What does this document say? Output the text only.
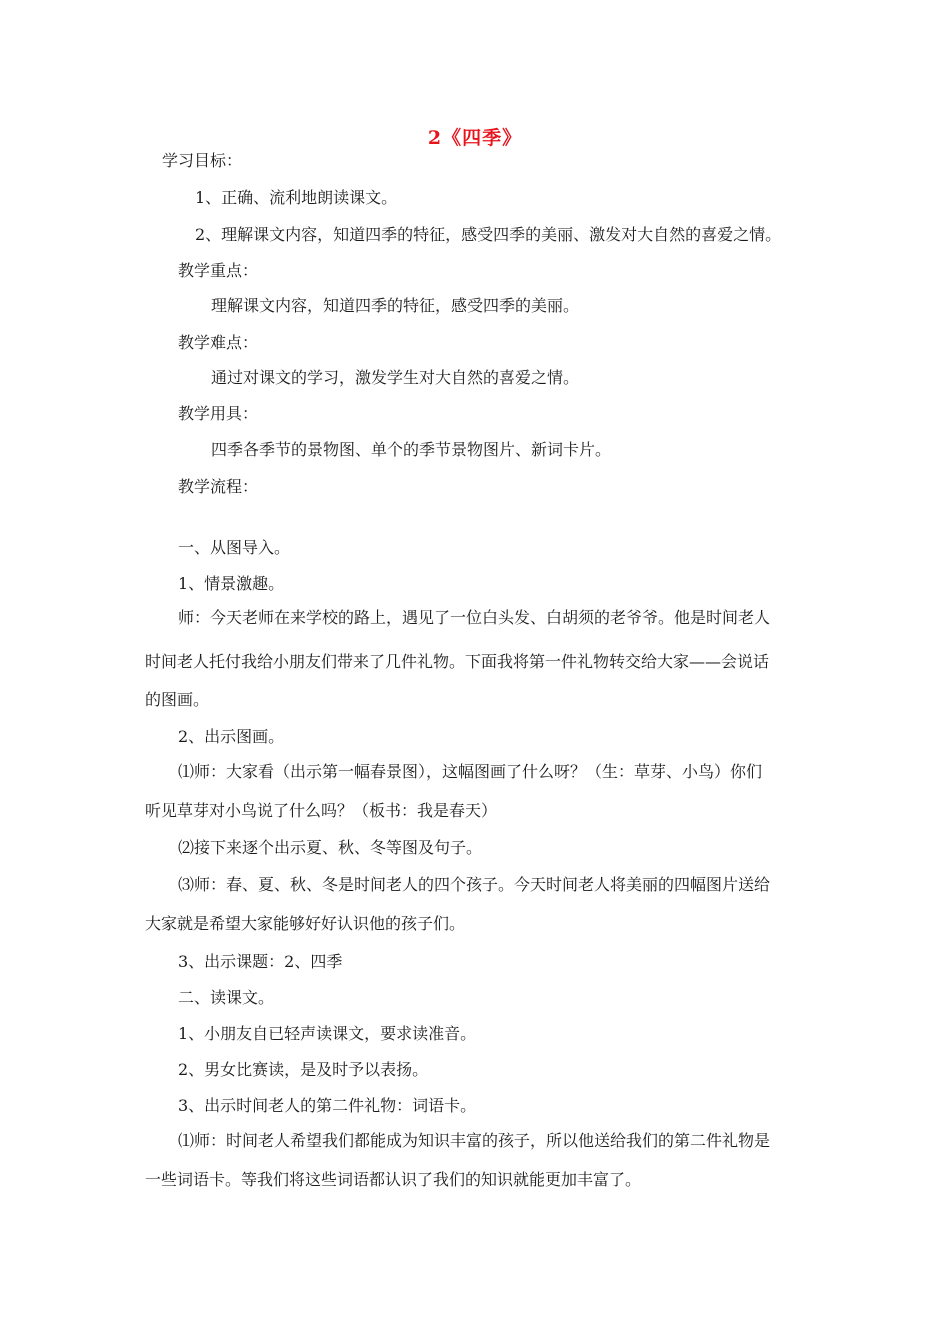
2《四季》
学习目标：
1、正确、流利地朗读课文。
2、理解课文内容，知道四季的特征，感受四季的美丽、激发对大自然的喜爱之情。
教学重点：
理解课文内容，知道四季的特征，感受四季的美丽。
教学难点：
通过对课文的学习，激发学生对大自然的喜爱之情。
教学用具：
四季各季节的景物图、单个的季节景物图片、新词卡片。
教学流程：
一、从图导入。
1、情景激趣。
师：今天老师在来学校的路上，遇见了一位白头发、白胡须的老爷爷。他是时间老人
时间老人托付我给小朋友们带来了几件礼物。下面我将第一件礼物转交给大家——会说话
的图画。
2、出示图画。
⑴师：大家看（出示第一幅春景图），这幅图画了什么呀？（生：草芽、小鸟）你们
听见草芽对小鸟说了什么吗？（板书：我是春天）
⑵接下来逐个出示夏、秋、冬等图及句子。
⑶师：春、夏、秋、冬是时间老人的四个孩子。今天时间老人将美丽的四幅图片送给
大家就是希望大家能够好好认识他的孩子们。
3、出示课题：2、四季
二、读课文。
1、小朋友自已轻声读课文，要求读准音。
2、男女比赛读，是及时予以表扬。
3、出示时间老人的第二件礼物：词语卡。
⑴师：时间老人希望我们都能成为知识丰富的孩子，所以他送给我们的第二件礼物是
一些词语卡。等我们将这些词语都认识了我们的知识就能更加丰富了。
